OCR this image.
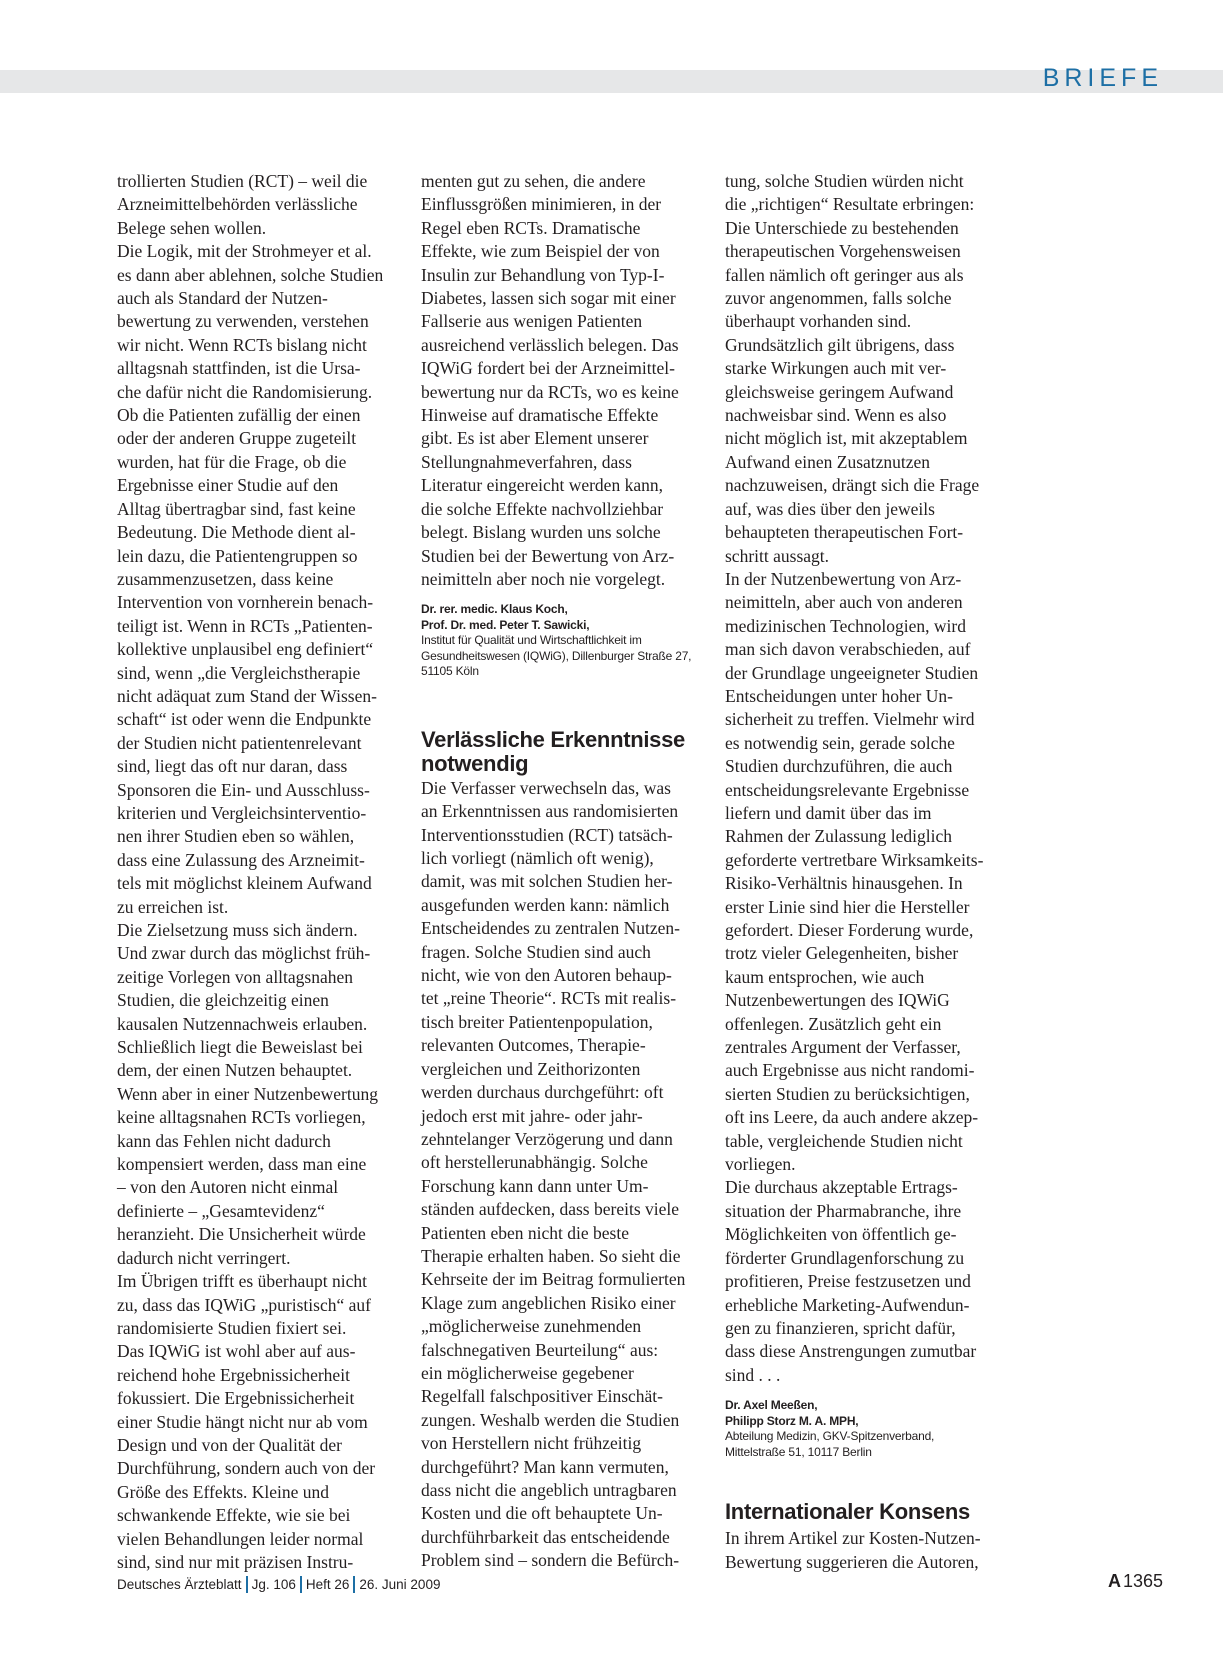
BRIEFE

trollierten Studien (RCT) – weil die
Arzneimittelbehörden verlässliche
Belege sehen wollen.
Die Logik, mit der Strohmeyer et al.
es dann aber ablehnen, solche Studien
auch als Standard der Nutzen-
bewertung zu verwenden, verstehen
wir nicht. Wenn RCTs bislang nicht
alltagsnah stattfinden, ist die Ursa-
che dafür nicht die Randomisierung.
Ob die Patienten zufällig der einen
oder der anderen Gruppe zugeteilt
wurden, hat für die Frage, ob die
Ergebnisse einer Studie auf den
Alltag übertragbar sind, fast keine
Bedeutung. Die Methode dient al-
lein dazu, die Patientengruppen so
zusammenzusetzen, dass keine
Intervention von vornherein benach-
teiligt ist. Wenn in RCTs „Patienten-
kollektive unplausibel eng definiert“
sind, wenn „die Vergleichstherapie
nicht adäquat zum Stand der Wissen-
schaft“ ist oder wenn die Endpunkte
der Studien nicht patientenrelevant
sind, liegt das oft nur daran, dass
Sponsoren die Ein- und Ausschluss-
kriterien und Vergleichsinterventio-
nen ihrer Studien eben so wählen,
dass eine Zulassung des Arzneimit-
tels mit möglichst kleinem Aufwand
zu erreichen ist.
Die Zielsetzung muss sich ändern.
Und zwar durch das möglichst früh-
zeitige Vorlegen von alltagsnahen
Studien, die gleichzeitig einen
kausalen Nutzennachweis erlauben.
Schließlich liegt die Beweislast bei
dem, der einen Nutzen behauptet.
Wenn aber in einer Nutzenbewertung
keine alltagsnahen RCTs vorliegen,
kann das Fehlen nicht dadurch
kompensiert werden, dass man eine
– von den Autoren nicht einmal
definierte – „Gesamtevidenz“
heranzieht. Die Unsicherheit würde
dadurch nicht verringert.
Im Übrigen trifft es überhaupt nicht
zu, dass das IQWiG „puristisch“ auf
randomisierte Studien fixiert sei.
Das IQWiG ist wohl aber auf aus-
reichend hohe Ergebnissicherheit
fokussiert. Die Ergebnissicherheit
einer Studie hängt nicht nur ab vom
Design und von der Qualität der
Durchführung, sondern auch von der
Größe des Effekts. Kleine und
schwankende Effekte, wie sie bei
vielen Behandlungen leider normal
sind, sind nur mit präzisen Instru-

menten gut zu sehen, die andere
Einflussgrößen minimieren, in der
Regel eben RCTs. Dramatische
Effekte, wie zum Beispiel der von
Insulin zur Behandlung von Typ-I-
Diabetes, lassen sich sogar mit einer
Fallserie aus wenigen Patienten
ausreichend verlässlich belegen. Das
IQWiG fordert bei der Arzneimittel-
bewertung nur da RCTs, wo es keine
Hinweise auf dramatische Effekte
gibt. Es ist aber Element unserer
Stellungnahmeverfahren, dass
Literatur eingereicht werden kann,
die solche Effekte nachvollziehbar
belegt. Bislang wurden uns solche
Studien bei der Bewertung von Arz-
neimitteln aber noch nie vorgelegt.

Dr. rer. medic. Klaus Koch,
Prof. Dr. med. Peter T. Sawicki,
Institut für Qualität und Wirtschaftlichkeit im
Gesundheitswesen (IQWiG), Dillenburger Straße 27,
51105 Köln
Verlässliche Erkenntnisse
notwendig

Die Verfasser verwechseln das, was
an Erkenntnissen aus randomisierten
Interventionsstudien (RCT) tatsäch-
lich vorliegt (nämlich oft wenig),
damit, was mit solchen Studien her-
ausgefunden werden kann: nämlich
Entscheidendes zu zentralen Nutzen-
fragen. Solche Studien sind auch
nicht, wie von den Autoren behaup-
tet „reine Theorie“. RCTs mit realis-
tisch breiter Patientenpopulation,
relevanten Outcomes, Therapie-
vergleichen und Zeithorizonten
werden durchaus durchgeführt: oft
jedoch erst mit jahre- oder jahr-
zehntelanger Verzögerung und dann
oft herstellerunabhängig. Solche
Forschung kann dann unter Um-
ständen aufdecken, dass bereits viele
Patienten eben nicht die beste
Therapie erhalten haben. So sieht die
Kehrseite der im Beitrag formulierten
Klage zum angeblichen Risiko einer
„möglicherweise zunehmenden
falschnegativen Beurteilung“ aus:
ein möglicherweise gegebener
Regelfall falschpositiver Einschät-
zungen. Weshalb werden die Studien
von Herstellern nicht frühzeitig
durchgeführt? Man kann vermuten,
dass nicht die angeblich untragbaren
Kosten und die oft behauptete Un-
durchführbarkeit das entscheidende
Problem sind – sondern die Befürch-

tung, solche Studien würden nicht
die „richtigen“ Resultate erbringen:
Die Unterschiede zu bestehenden
therapeutischen Vorgehensweisen
fallen nämlich oft geringer aus als
zuvor angenommen, falls solche
überhaupt vorhanden sind.
Grundsätzlich gilt übrigens, dass
starke Wirkungen auch mit ver-
gleichsweise geringem Aufwand
nachweisbar sind. Wenn es also
nicht möglich ist, mit akzeptablem
Aufwand einen Zusatznutzen
nachzuweisen, drängt sich die Frage
auf, was dies über den jeweils
behaupteten therapeutischen Fort-
schritt aussagt.
In der Nutzenbewertung von Arz-
neimitteln, aber auch von anderen
medizinischen Technologien, wird
man sich davon verabschieden, auf
der Grundlage ungeeigneter Studien
Entscheidungen unter hoher Un-
sicherheit zu treffen. Vielmehr wird
es notwendig sein, gerade solche
Studien durchzuführen, die auch
entscheidungsrelevante Ergebnisse
liefern und damit über das im
Rahmen der Zulassung lediglich
geforderte vertretbare Wirksamkeits-
Risiko-Verhältnis hinausgehen. In
erster Linie sind hier die Hersteller
gefordert. Dieser Forderung wurde,
trotz vieler Gelegenheiten, bisher
kaum entsprochen, wie auch
Nutzenbewertungen des IQWiG
offenlegen. Zusätzlich geht ein
zentrales Argument der Verfasser,
auch Ergebnisse aus nicht randomi-
sierten Studien zu berücksichtigen,
oft ins Leere, da auch andere akzep-
table, vergleichende Studien nicht
vorliegen.
Die durchaus akzeptable Ertrags-
situation der Pharmabranche, ihre
Möglichkeiten von öffentlich ge-
förderter Grundlagenforschung zu
profitieren, Preise festzusetzen und
erhebliche Marketing-Aufwendun-
gen zu finanzieren, spricht dafür,
dass diese Anstrengungen zumutbar
sind . . .

Dr. Axel Meeßen,
Philipp Storz M. A. MPH,
Abteilung Medizin, GKV-Spitzenverband,
Mittelstraße 51, 10117 Berlin
Internationaler Konsens

In ihrem Artikel zur Kosten-Nutzen-
Bewertung suggerieren die Autoren,

Deutsches Ärzteblatt Jg. 106 Heft 26 26. Juni 2009	A 1365
